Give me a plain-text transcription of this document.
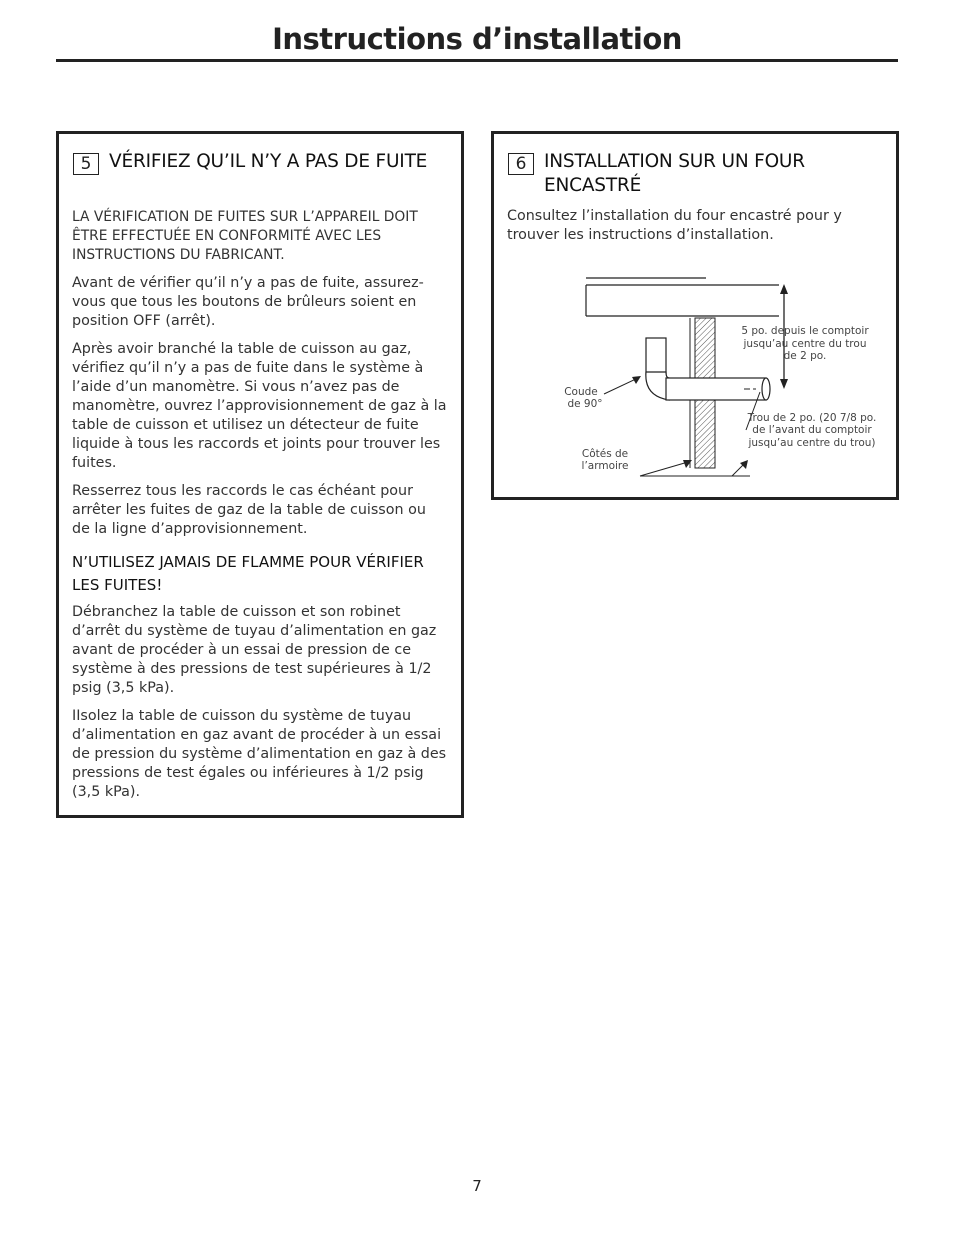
Instructions d’installation
5 VÉRIFIEZ QU’IL N’Y A PAS DE FUITE

LA VÉRIFICATION DE FUITES SUR L’APPAREIL DOIT ÊTRE EFFECTUÉE EN CONFORMITÉ AVEC LES INSTRUCTIONS DU FABRICANT.

Avant de vérifier qu’il n’y a pas de fuite, assurez-vous que tous les boutons de brûleurs soient en position OFF (arrêt).

Après avoir branché la table de cuisson au gaz, vérifiez qu’il n’y a pas de fuite dans le système à l’aide d’un manomètre. Si vous n’avez pas de manomètre, ouvrez l’approvisionnement de gaz à la table de cuisson et utilisez un détecteur de fuite liquide à tous les raccords et joints pour trouver les fuites.

Resserrez tous les raccords le cas échéant pour arrêter les fuites de gaz de la table de cuisson ou de la ligne d’approvisionnement.

N’UTILISEZ JAMAIS DE FLAMME POUR VÉRIFIER LES FUITES!

Débranchez la table de cuisson et son robinet d’arrêt du système de tuyau d’alimentation en gaz avant de procéder à un essai de pression de ce système à des pressions de test supérieures à 1/2 psig (3,5 kPa).

IIsolez la table de cuisson du système de tuyau d’alimentation en gaz avant de procéder à un essai de pression du système d’alimentation en gaz à des pressions de test égales ou inférieures à 1/2 psig (3,5 kPa).

6 INSTALLATION SUR UN FOUR ENCASTRÉ

Consultez l’installation du four encastré pour y trouver les instructions d’installation.

Coude
de 90°
Côtés de
l’armoire
5 po. depuis le comptoir
jusqu’au centre du trou
de 2 po.
Trou de 2 po. (20 7/8 po.
de l’avant du comptoir
jusqu’au centre du trou)
7
